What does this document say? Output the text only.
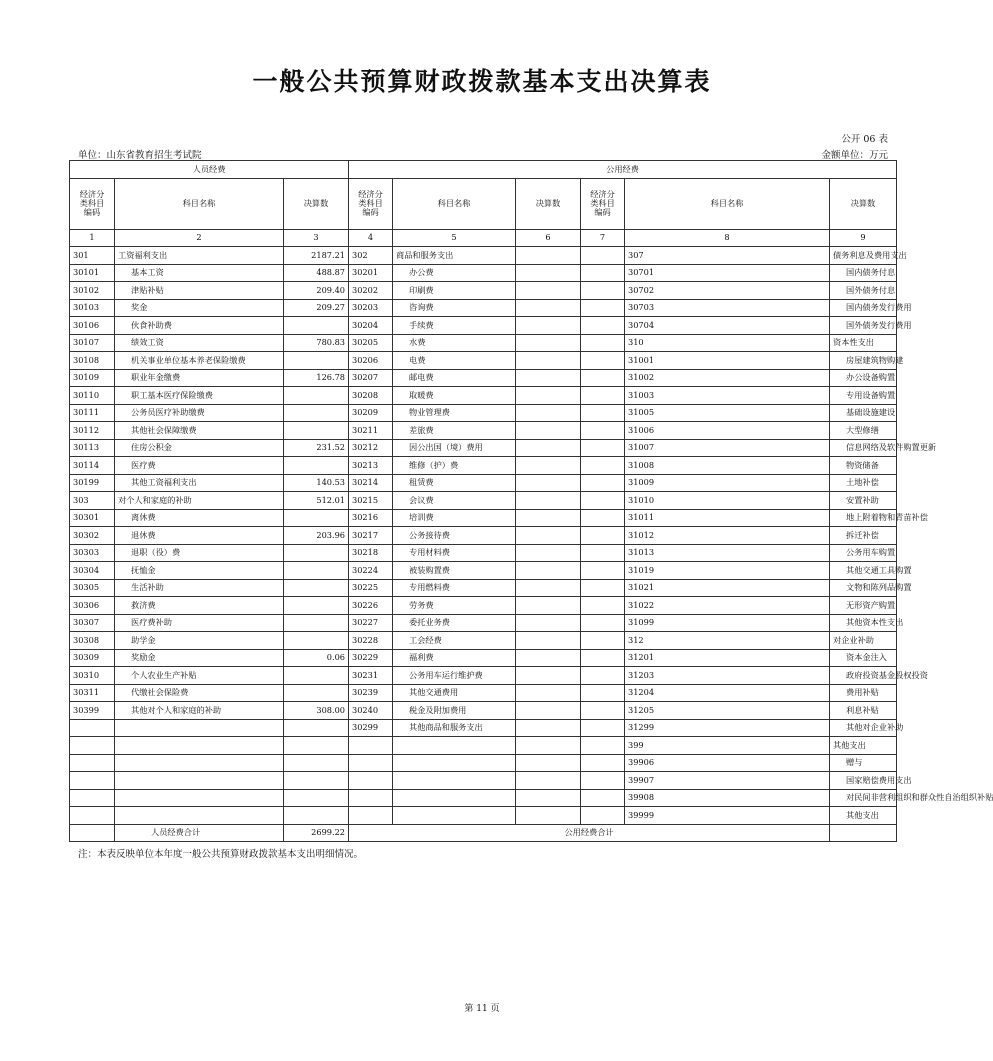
一般公共预算财政拨款基本支出决算表
公开 06 表
单位：山东省教育招生考试院	金额单位：万元
人员经费			公用经费						
经济分
类科目
编码	科目名称	决算数	经济分
类科目
编码	科目名称	决算数	经济分
类科目
编码	科目名称	决算数	
1	2	3	4	5	6	7	8	9	
301	工资福利支出	2187.21	302	商品和服务支出			307	债务利息及费用支出	
30101	基本工资	488.87	30201	办公费			30701	国内债务付息	
30102	津贴补贴	209.40	30202	印刷费			30702	国外债务付息	
30103	奖金	209.27	30203	咨询费			30703	国内债务发行费用	
30106	伙食补助费		30204	手续费			30704	国外债务发行费用	
30107	绩效工资	780.83	30205	水费			310	资本性支出	
30108	机关事业单位基本养老保险缴费		30206	电费			31001	房屋建筑物购建	
30109	职业年金缴费	126.78	30207	邮电费			31002	办公设备购置	
30110	职工基本医疗保险缴费		30208	取暖费			31003	专用设备购置	
30111	公务员医疗补助缴费		30209	物业管理费			31005	基础设施建设	
30112	其他社会保障缴费		30211	差旅费			31006	大型修缮	
30113	住房公积金	231.52	30212	因公出国（境）费用			31007	信息网络及软件购置更新	
30114	医疗费		30213	维修（护）费			31008	物资储备	
30199	其他工资福利支出	140.53	30214	租赁费			31009	土地补偿	
303	对个人和家庭的补助	512.01	30215	会议费			31010	安置补助	
30301	离休费		30216	培训费			31011	地上附着物和青苗补偿	
30302	退休费	203.96	30217	公务接待费			31012	拆迁补偿	
30303	退职（役）费		30218	专用材料费			31013	公务用车购置	
30304	抚恤金		30224	被装购置费			31019	其他交通工具购置	
30305	生活补助		30225	专用燃料费			31021	文物和陈列品购置	
30306	救济费		30226	劳务费			31022	无形资产购置	
30307	医疗费补助		30227	委托业务费			31099	其他资本性支出	
30308	助学金		30228	工会经费			312	对企业补助	
30309	奖励金	0.06	30229	福利费			31201	资本金注入	
30310	个人农业生产补贴		30231	公务用车运行维护费			31203	政府投资基金股权投资	
30311	代缴社会保险费		30239	其他交通费用			31204	费用补贴	
30399	其他对个人和家庭的补助	308.00	30240	税金及附加费用			31205	利息补贴	
			30299	其他商品和服务支出			31299	其他对企业补助	
							399	其他支出	
							39906	赠与	
							39907	国家赔偿费用支出	
							39908	对民间非营利组织和群众性自治组织补贴	
							39999	其他支出	
	人员经费合计	2699.22	公用经费合计						
注：本表反映单位本年度一般公共预算财政拨款基本支出明细情况。
第 11 页
